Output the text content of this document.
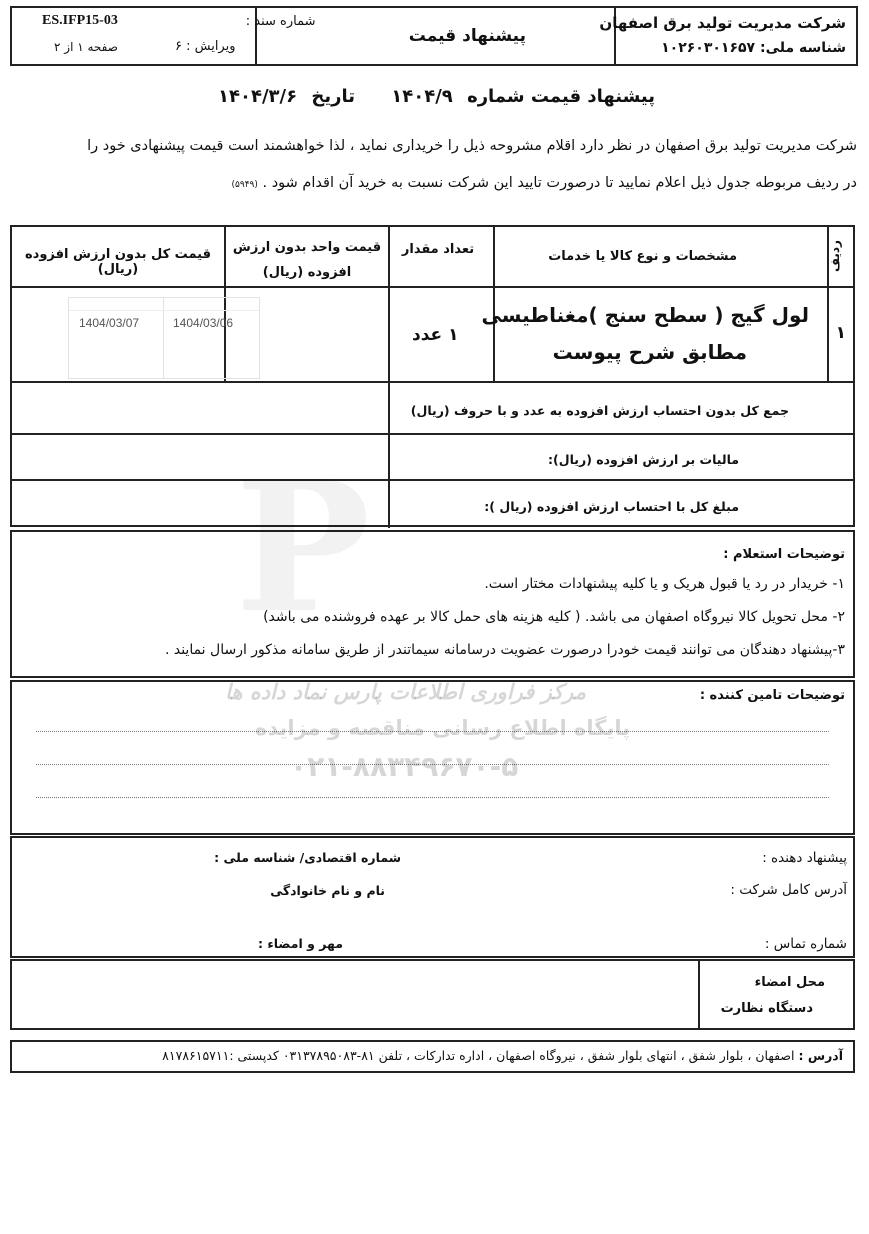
شرکت مدیریت تولید برق اصفهان
شناسه ملی: ۱۰۲۶۰۳۰۱۶۵۷
پیشنهاد قیمت
شماره سند :
ES.IFP15-03
ویرایش : ۶
صفحه ۱ از ۲
پیشنهاد قیمت شماره ۱۴۰۴/۹ تاریخ ۱۴۰۴/۳/۶
شرکت مدیریت تولید برق اصفهان در نظر دارد اقلام مشروحه ذیل را خریداری نماید ، لذا خواهشمند است قیمت پیشنهادی خود را
در ردیف مربوطه جدول ذیل اعلام نمایید تا درصورت تایید این شرکت نسبت به خرید آن اقدام شود . (۵۹۴۹)
ردیف
مشخصات و نوع کالا یا خدمات
تعداد مقدار
قیمت واحد بدون ارزش افزوده (ریال)
قیمت کل بدون ارزش افزوده (ریال)
۱
لول گیج ( سطح سنج )مغناطیسی
مطابق شرح پیوست
۱ عدد
1404/03/06
1404/03/07
جمع کل بدون احتساب ارزش افزوده به عدد و با حروف (ریال)
مالیات بر ارزش افزوده (ریال):
مبلغ کل با احتساب ارزش افزوده (ریال ):
توضیحات استعلام :
۱- خریدار در رد یا قبول هریک و یا کلیه پیشنهادات مختار است.
۲- محل تحویل کالا نیروگاه اصفهان می باشد. ( کلیه هزینه های حمل کالا بر عهده فروشنده می باشد)
۳-پیشنهاد دهندگان می توانند قیمت خودرا درصورت عضویت درسامانه سیماتندر از طریق سامانه مذکور ارسال نمایند .
توضیحات تامین کننده :
P
مرکز فراوری اطلاعات پارس نماد داده ها
پایگاه اطلاع رسانی مناقصه و مزایده
۰۲۱-۸۸۳۴۹۶۷۰-۵
پیشنهاد دهنده :
شماره اقتصادی/ شناسه ملی :
آدرس کامل شرکت :
نام و نام خانوادگی
شماره تماس :
مهر و امضاء :
محل امضاء
دستگاه نظارت
آدرس : اصفهان ، بلوار شفق ، انتهای بلوار شفق ، نیروگاه اصفهان ، اداره تدارکات ، تلفن ۸۱-۰۳۱۳۷۸۹۵۰۸۳ کدپستی :۸۱۷۸۶۱۵۷۱۱
